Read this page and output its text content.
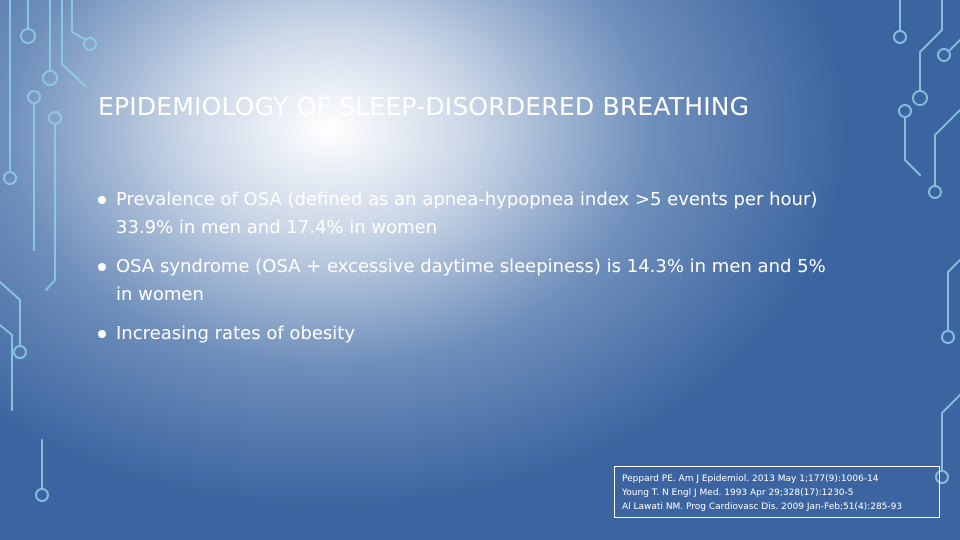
EPIDEMIOLOGY OF SLEEP-DISORDERED BREATHING
Prevalence of OSA (defined as an apnea-hypopnea index >5 events per hour) 33.9% in men and 17.4% in women
OSA syndrome (OSA + excessive daytime sleepiness) is 14.3% in men and 5% in women
Increasing rates of obesity
Peppard PE. Am J Epidemiol. 2013 May 1;177(9):1006-14
Young T. N Engl J Med. 1993 Apr 29;328(17):1230-5
Al Lawati NM. Prog Cardiovasc Dis. 2009 Jan-Feb;51(4):285-93
